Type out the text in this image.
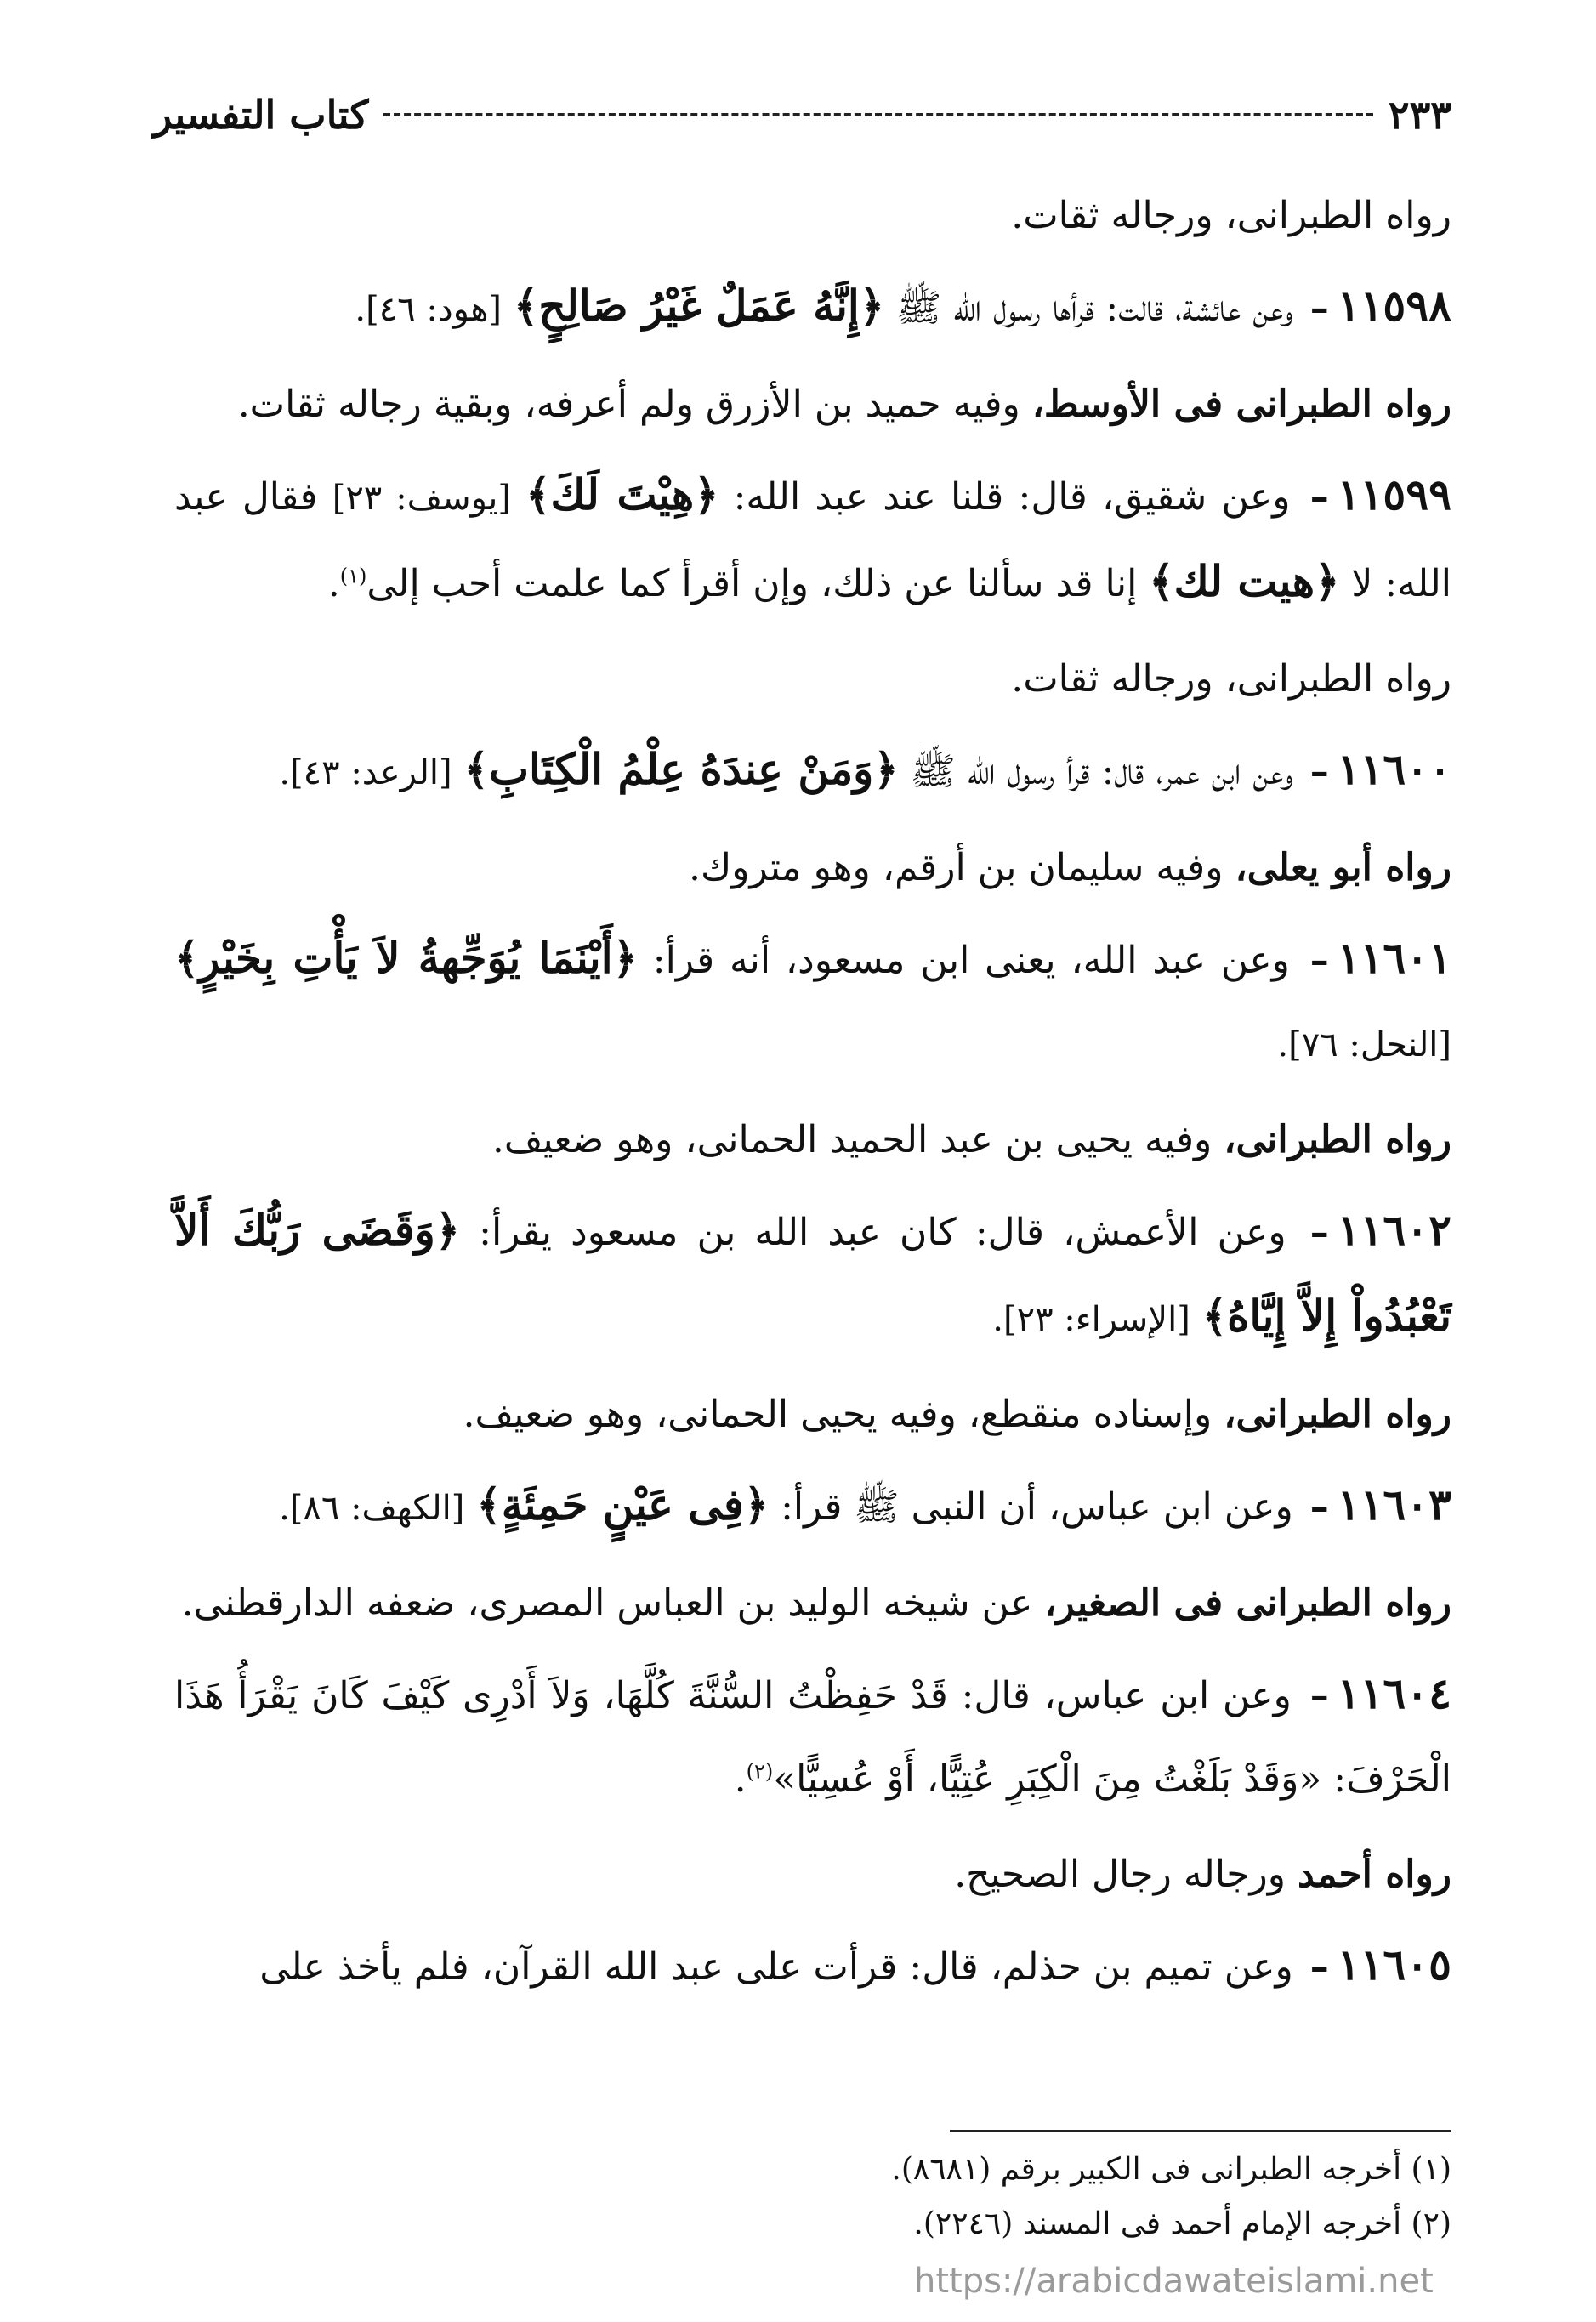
كتاب التفسير	٢٣٣

رواه الطبرانى، ورجاله ثقات.

١١٥٩٨– وعن عائشة، قالت: قرأها رسول الله ﷺ ﴿إِنَّهُ عَمَلٌ غَيْرُ صَالِحٍ﴾ [هود: ٤٦].

رواه الطبرانى فى الأوسط، وفيه حميد بن الأزرق ولم أعرفه، وبقية رجاله ثقات.

١١٥٩٩– وعن شقيق، قال: قلنا عند عبد الله: ﴿هِيْتَ لَكَ﴾ [يوسف: ٢٣] فقال عبد الله: لا ﴿هيت لك﴾ إنا قد سألنا عن ذلك، وإن أقرأ كما علمت أحب إلى$^{(١)}$.

رواه الطبرانى، ورجاله ثقات.

١١٦٠٠– وعن ابن عمر، قال: قرأ رسول الله ﷺ ﴿وَمَنْ عِندَهُ عِلْمُ الْكِتَابِ﴾ [الرعد: ٤٣].

رواه أبو يعلى، وفيه سليمان بن أرقم، وهو متروك.

١١٦٠١– وعن عبد الله، يعنى ابن مسعود، أنه قرأ: ﴿أَيْنَمَا يُوَجِّهةُ لاَ يَأْتِ بِخَيْرٍ﴾ [النحل: ٧٦].

رواه الطبرانى، وفيه يحيى بن عبد الحميد الحمانى، وهو ضعيف.

١١٦٠٢– وعن الأعمش، قال: كان عبد الله بن مسعود يقرأ: ﴿وَقَضَى رَبُّكَ أَلاَّ تَعْبُدُواْ إِلاَّ إِيَّاهُ﴾ [الإسراء: ٢٣].

رواه الطبرانى، وإسناده منقطع، وفيه يحيى الحمانى، وهو ضعيف.

١١٦٠٣– وعن ابن عباس، أن النبى ﷺ قرأ: ﴿فِى عَيْنٍ حَمِئَةٍ﴾ [الكهف: ٨٦].

رواه الطبرانى فى الصغير، عن شيخه الوليد بن العباس المصرى، ضعفه الدارقطنى.

١١٦٠٤– وعن ابن عباس، قال: قَدْ حَفِظْتُ السُّنَّةَ كُلَّهَا، وَلاَ أَدْرِى كَيْفَ كَانَ يَقْرَأُ هَذَا الْحَرْفَ: «وَقَدْ بَلَغْتُ مِنَ الْكِبَرِ عُتِيًّا، أَوْ عُسِيًّا»$^{(٢)}$.

رواه أحمد ورجاله رجال الصحيح.

١١٦٠٥– وعن تميم بن حذلم، قال: قرأت على عبد الله القرآن، فلم يأخذ على

(١) أخرجه الطبرانى فى الكبير برقم (٨٦٨١).

(٢) أخرجه الإمام أحمد فى المسند (٢٢٤٦).

https://arabicdawateislami.net
